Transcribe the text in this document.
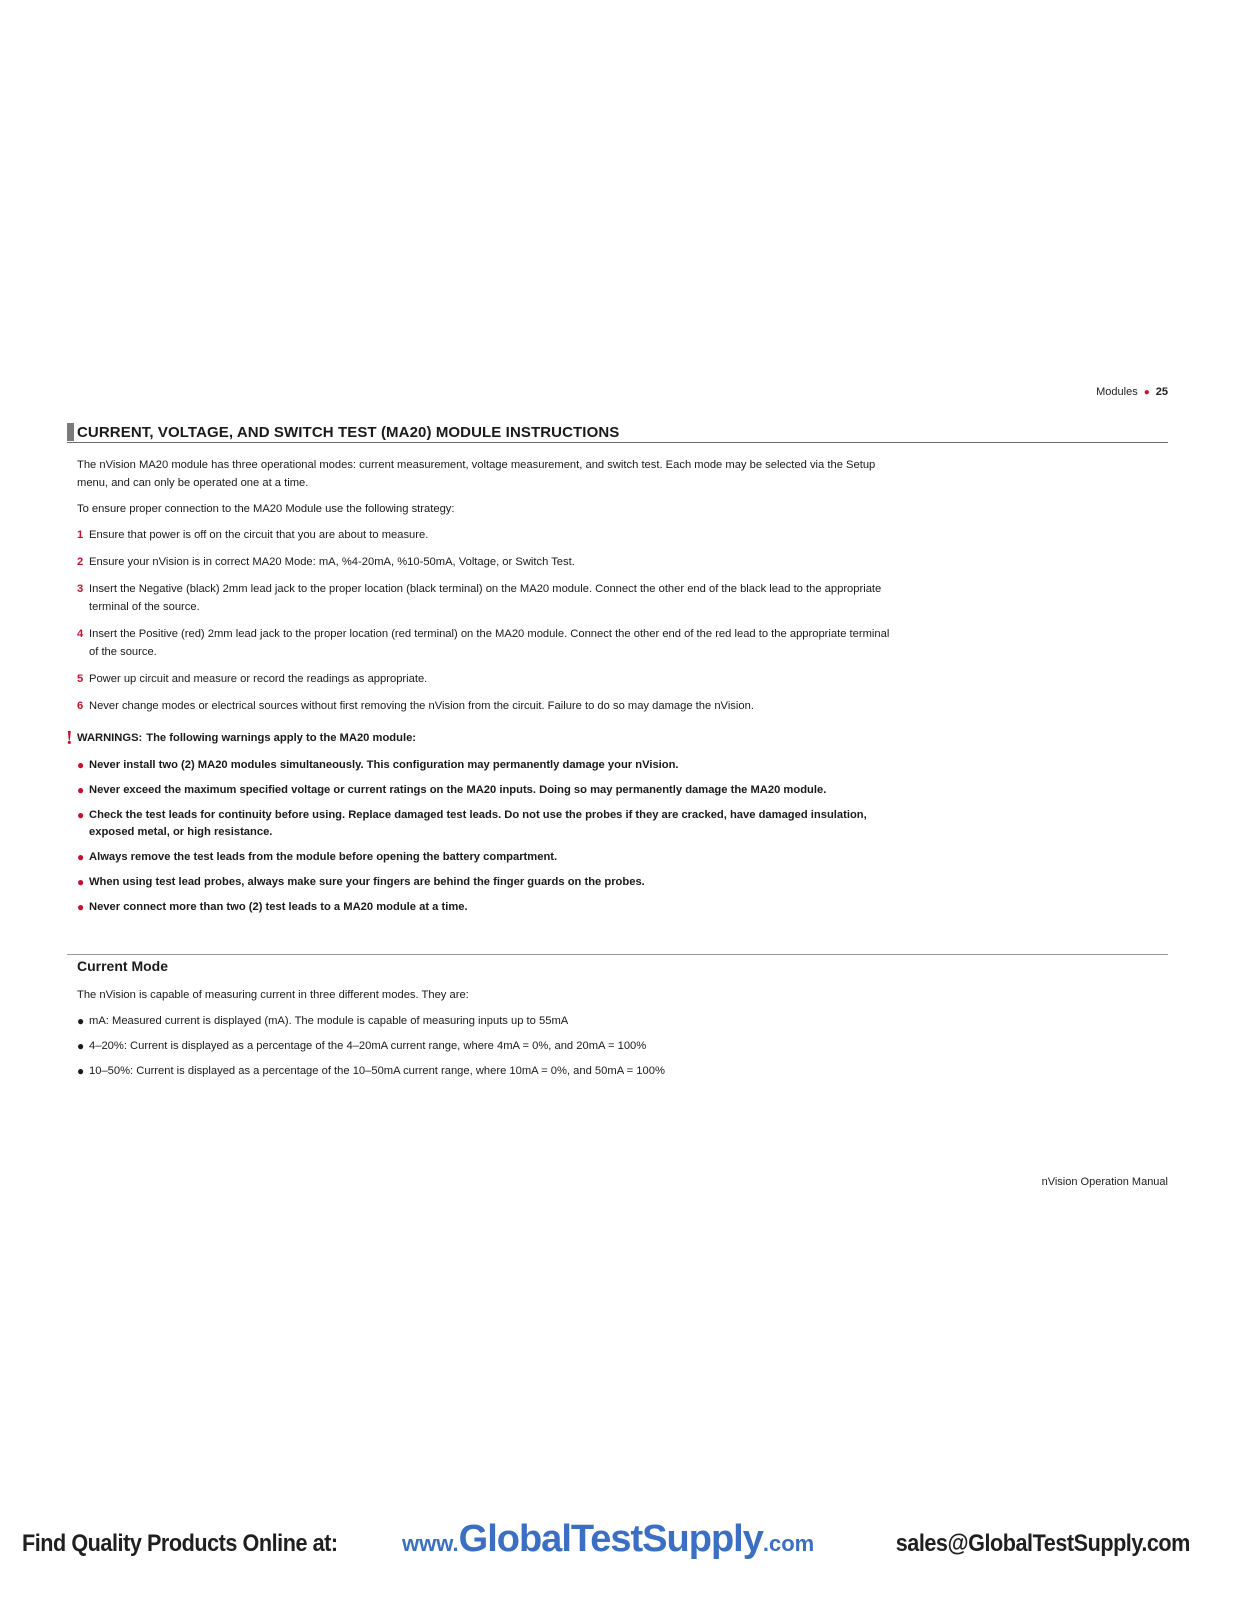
Modules ● 25
CURRENT, VOLTAGE, AND SWITCH TEST (MA20) MODULE INSTRUCTIONS

The nVision MA20 module has three operational modes: current measurement, voltage measurement, and switch test. Each mode may be selected via the Setup menu, and can only be operated one at a time.

To ensure proper connection to the MA20 Module use the following strategy:

1 Ensure that power is off on the circuit that you are about to measure.
2 Ensure your nVision is in correct MA20 Mode: mA, %4-20mA, %10-50mA, Voltage, or Switch Test.
3 Insert the Negative (black) 2mm lead jack to the proper location (black terminal) on the MA20 module. Connect the other end of the black lead to the appropriate terminal of the source.
4 Insert the Positive (red) 2mm lead jack to the proper location (red terminal) on the MA20 module. Connect the other end of the red lead to the appropriate terminal of the source.
5 Power up circuit and measure or record the readings as appropriate.
6 Never change modes or electrical sources without first removing the nVision from the circuit. Failure to do so may damage the nVision.
! WARNINGS: The following warnings apply to the MA20 module:
● Never install two (2) MA20 modules simultaneously. This configuration may permanently damage your nVision.
● Never exceed the maximum specified voltage or current ratings on the MA20 inputs. Doing so may permanently damage the MA20 module.
● Check the test leads for continuity before using. Replace damaged test leads. Do not use the probes if they are cracked, have damaged insulation, exposed metal, or high resistance.
● Always remove the test leads from the module before opening the battery compartment.
● When using test lead probes, always make sure your fingers are behind the finger guards on the probes.
● Never connect more than two (2) test leads to a MA20 module at a time.
Current Mode

The nVision is capable of measuring current in three different modes. They are:

● mA: Measured current is displayed (mA). The module is capable of measuring inputs up to 55mA
● 4–20%: Current is displayed as a percentage of the 4–20mA current range, where 4mA = 0%, and 20mA = 100%
● 10–50%: Current is displayed as a percentage of the 10–50mA current range, where 10mA = 0%, and 50mA = 100%
nVision Operation Manual
Find Quality Products Online at:	www.GlobalTestSupply.com	sales@GlobalTestSupply.com
